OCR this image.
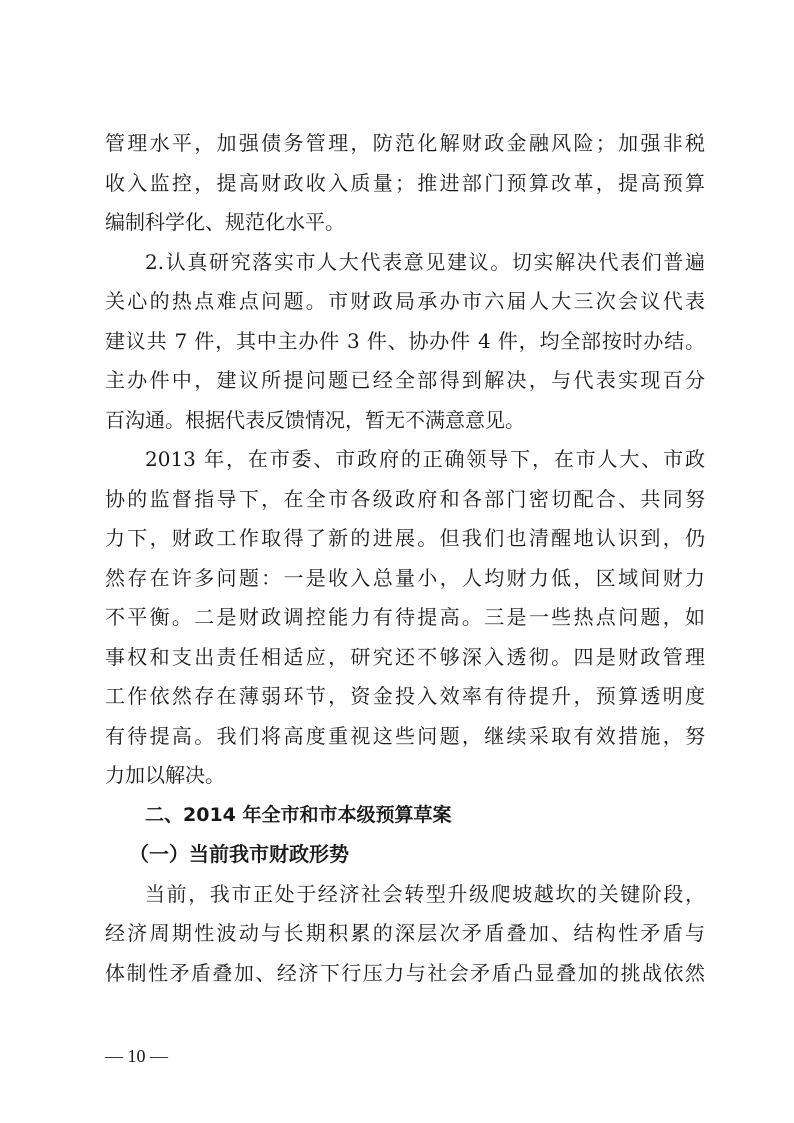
管理水平，加强债务管理，防范化解财政金融风险；加强非税
收入监控，提高财政收入质量；推进部门预算改革，提高预算
编制科学化、规范化水平。
2.认真研究落实市人大代表意见建议。切实解决代表们普遍
关心的热点难点问题。市财政局承办市六届人大三次会议代表
建议共 7 件，其中主办件 3 件、协办件 4 件，均全部按时办结。
主办件中，建议所提问题已经全部得到解决，与代表实现百分
百沟通。根据代表反馈情况，暂无不满意意见。
2013 年，在市委、市政府的正确领导下，在市人大、市政
协的监督指导下，在全市各级政府和各部门密切配合、共同努
力下，财政工作取得了新的进展。但我们也清醒地认识到，仍
然存在许多问题：一是收入总量小，人均财力低，区域间财力
不平衡。二是财政调控能力有待提高。三是一些热点问题，如
事权和支出责任相适应，研究还不够深入透彻。四是财政管理
工作依然存在薄弱环节，资金投入效率有待提升，预算透明度
有待提高。我们将高度重视这些问题，继续采取有效措施，努
力加以解决。
二、2014 年全市和市本级预算草案
（一）当前我市财政形势
当前，我市正处于经济社会转型升级爬坡越坎的关键阶段，
经济周期性波动与长期积累的深层次矛盾叠加、结构性矛盾与
体制性矛盾叠加、经济下行压力与社会矛盾凸显叠加的挑战依然
— 10 —
